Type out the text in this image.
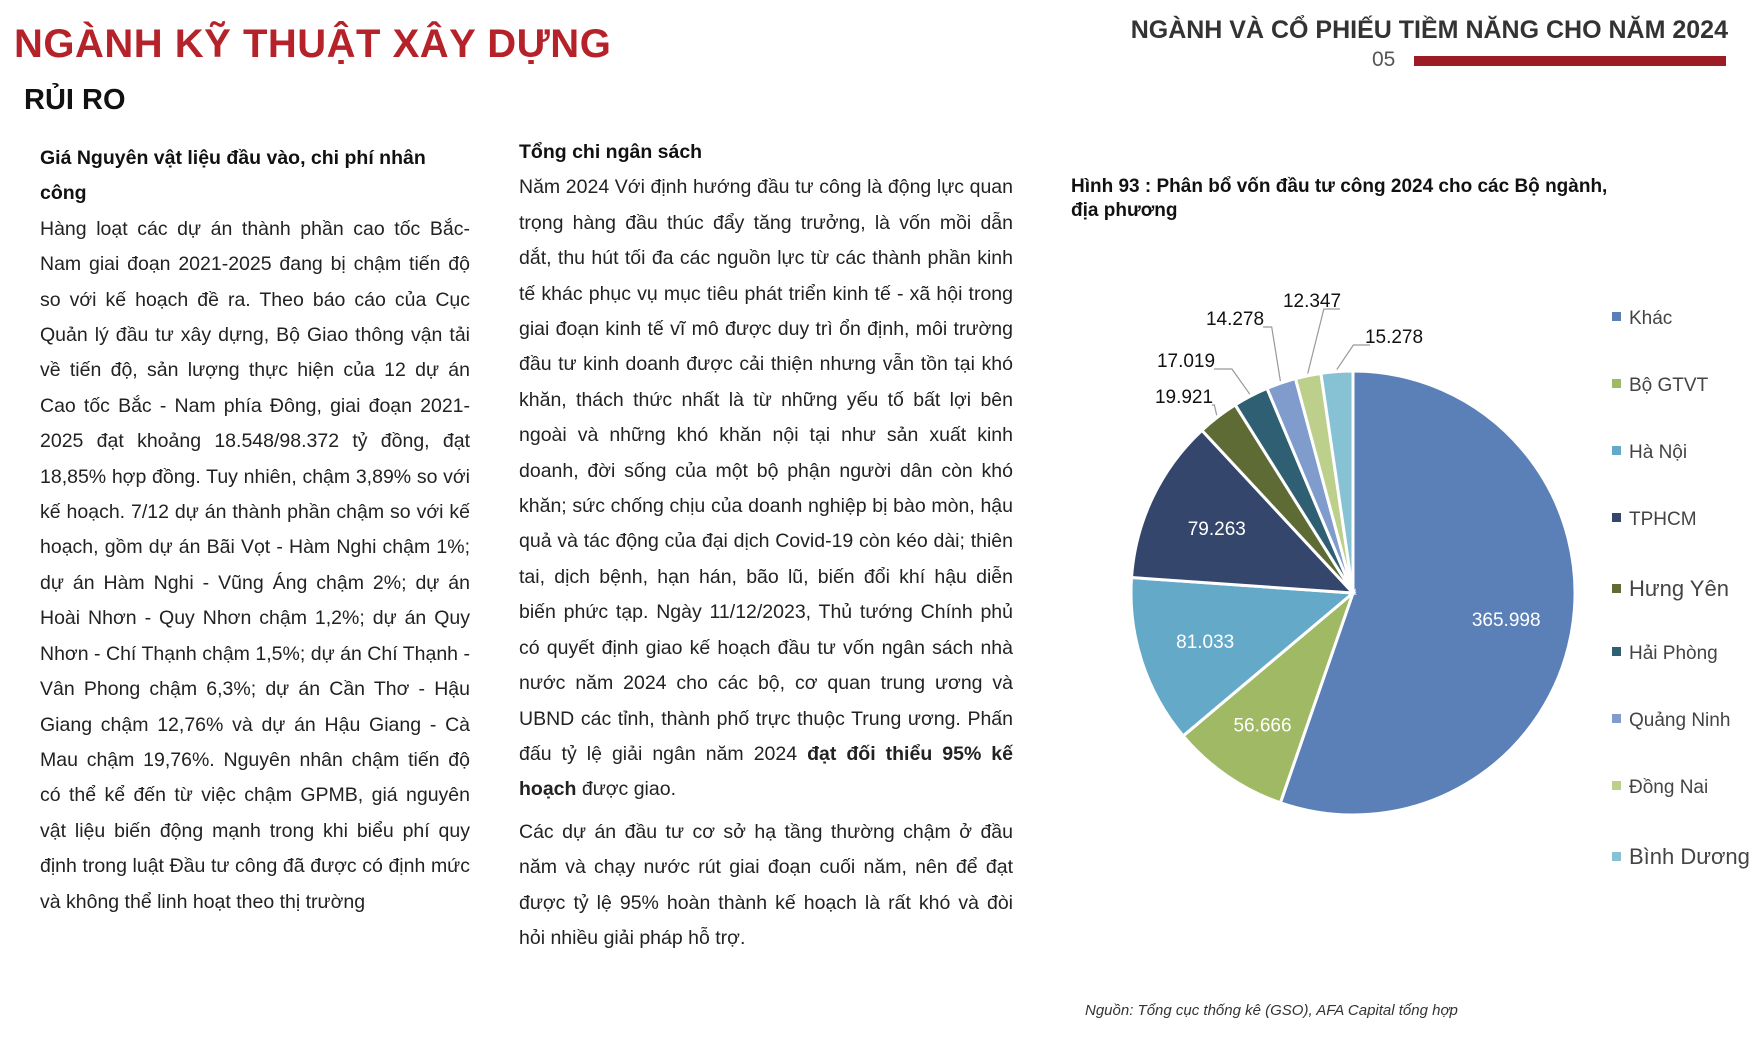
NGÀNH KỸ THUẬT XÂY DỰNG
RỦI RO
NGÀNH VÀ CỔ PHIẾU TIỀM NĂNG CHO NĂM 2024
05
Giá Nguyên vật liệu đầu vào, chi phí nhân công

Hàng loạt các dự án thành phần cao tốc Bắc-Nam giai đoạn 2021-2025 đang bị chậm tiến độ so với kế hoạch đề ra. Theo báo cáo của Cục Quản lý đầu tư xây dựng, Bộ Giao thông vận tải về tiến độ, sản lượng thực hiện của 12 dự án Cao tốc Bắc - Nam phía Đông, giai đoạn 2021-2025 đạt khoảng 18.548/98.372 tỷ đồng, đạt 18,85% hợp đồng. Tuy nhiên, chậm 3,89% so với kế hoạch. 7/12 dự án thành phần chậm so với kế hoạch, gồm dự án Bãi Vọt - Hàm Nghi chậm 1%; dự án Hàm Nghi - Vũng Áng chậm 2%; dự án Hoài Nhơn - Quy Nhơn chậm 1,2%; dự án Quy Nhơn - Chí Thạnh chậm 1,5%; dự án Chí Thạnh - Vân Phong chậm 6,3%; dự án Cần Thơ - Hậu Giang chậm 12,76% và dự án Hậu Giang - Cà Mau chậm 19,76%. Nguyên nhân chậm tiến độ có thể kể đến từ việc chậm GPMB, giá nguyên vật liệu biến động mạnh trong khi biểu phí quy định trong luật Đầu tư công đã được có định mức và không thể linh hoạt theo thị trường

Tổng chi ngân sách

Năm 2024 Với định hướng đầu tư công là động lực quan trọng hàng đầu thúc đẩy tăng trưởng, là vốn mồi dẫn dắt, thu hút tối đa các nguồn lực từ các thành phần kinh tế khác phục vụ mục tiêu phát triển kinh tế - xã hội trong giai đoạn kinh tế vĩ mô được duy trì ổn định, môi trường đầu tư kinh doanh được cải thiện nhưng vẫn tồn tại khó khăn, thách thức nhất là từ những yếu tố bất lợi bên ngoài và những khó khăn nội tại như sản xuất kinh doanh, đời sống của một bộ phận người dân còn khó khăn; sức chống chịu của doanh nghiệp bị bào mòn, hậu quả và tác động của đại dịch Covid-19 còn kéo dài; thiên tai, dịch bệnh, hạn hán, bão lũ, biến đổi khí hậu diễn biến phức tạp. Ngày 11/12/2023, Thủ tướng Chính phủ có quyết định giao kế hoạch đầu tư vốn ngân sách nhà nước năm 2024 cho các bộ, cơ quan trung ương và UBND các tỉnh, thành phố trực thuộc Trung ương. Phấn đấu tỷ lệ giải ngân năm 2024 đạt đối thiểu 95% kế hoạch được giao.

Các dự án đầu tư cơ sở hạ tầng thường chậm ở đầu năm và chạy nước rút giai đoạn cuối năm, nên để đạt được tỷ lệ 95% hoàn thành kế hoạch là rất khó và đòi hỏi nhiều giải pháp hỗ trợ.

Hình 93 : Phân bổ vốn đầu tư công 2024 cho các Bộ ngành, địa phương
365.998
56.666
81.033
79.263
19.921
17.019
14.278
12.347
15.278
Khác
Bộ GTVT
Hà Nội
TPHCM
Hưng Yên
Hải Phòng
Quảng Ninh
Đồng Nai
Bình Dương
Nguồn: Tổng cục thống kê (GSO), AFA Capital tổng hợp
